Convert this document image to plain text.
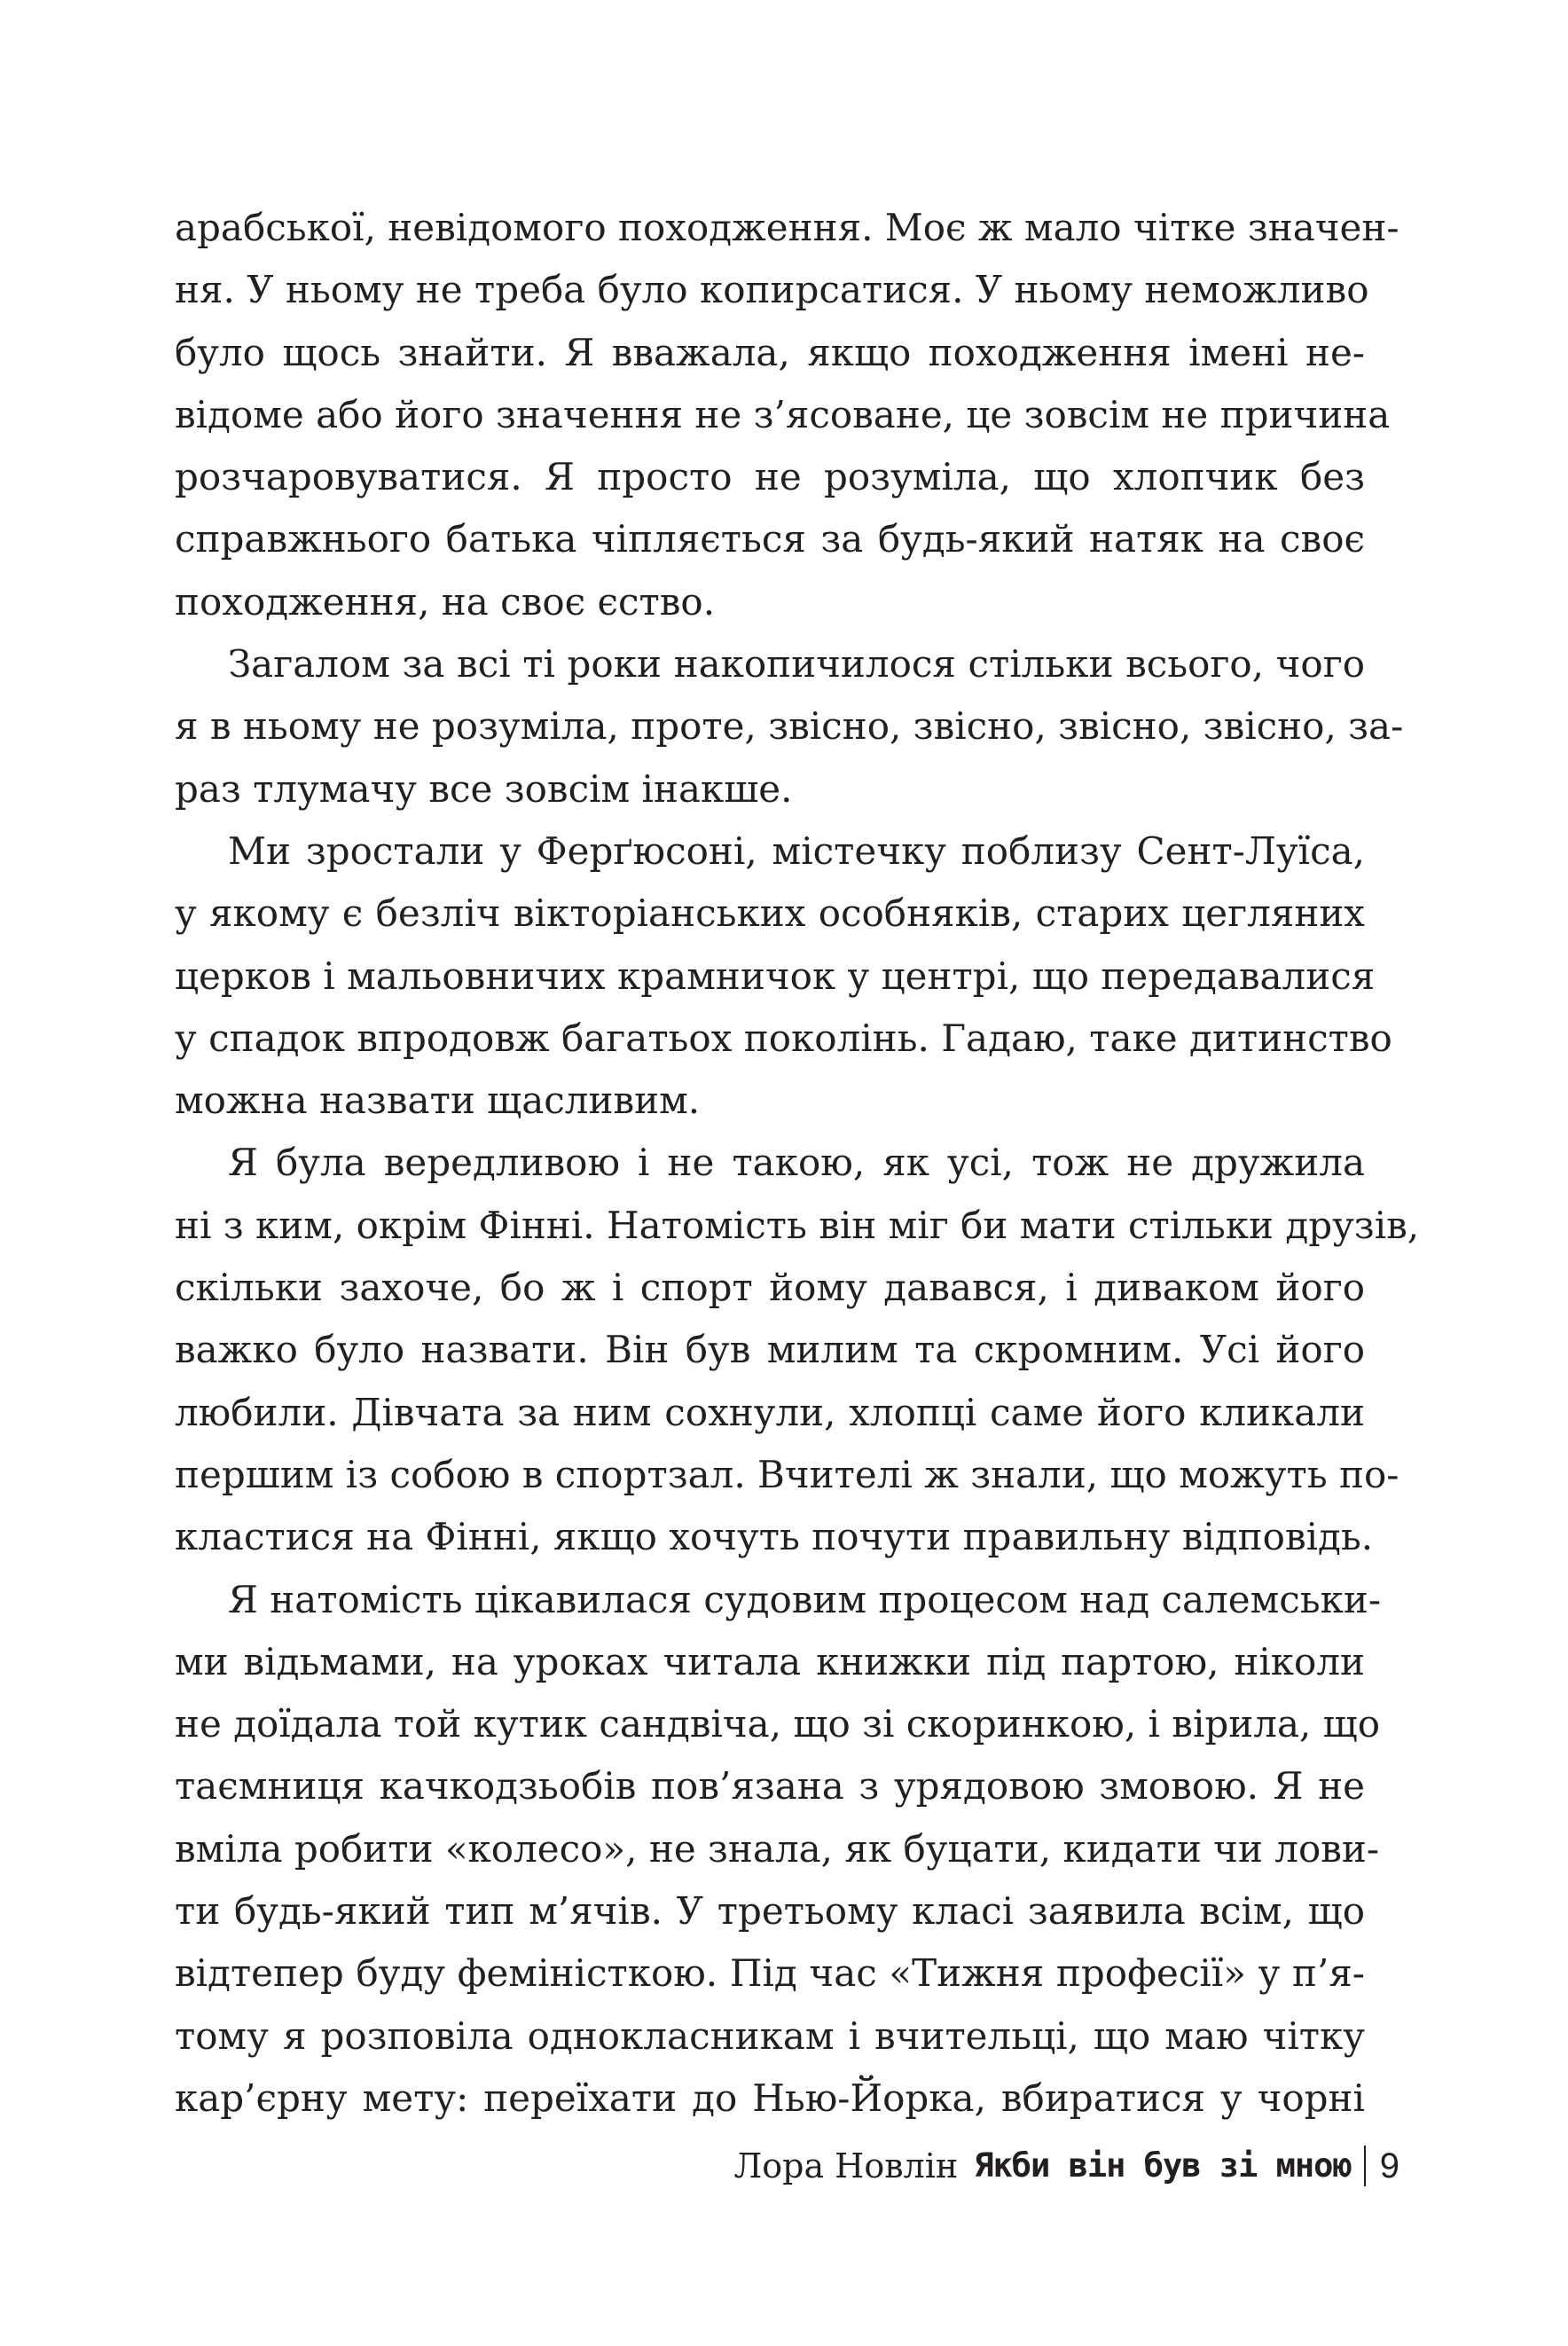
арабської, невідомого походження. Моє ж мало чітке значен-
ня. У ньому не треба було копирсатися. У ньому неможливо
було щось знайти. Я вважала, якщо походження імені не-
відоме або його значення не з’ясоване, це зовсім не причина
розчаровуватися. Я просто не розуміла, що хлопчик без
справжнього батька чіпляється за будь-який натяк на своє
походження, на своє єство.
Загалом за всі ті роки накопичилося стільки всього, чого
я в ньому не розуміла, проте, звісно, звісно, звісно, звісно, за-
раз тлумачу все зовсім інакше.
Ми зростали у Ферґюсоні, містечку поблизу Сент-Луїса,
у якому є безліч вікторіанських особняків, старих цегляних
церков і мальовничих крамничок у центрі, що передавалися
у спадок впродовж багатьох поколінь. Гадаю, таке дитинство
можна назвати щасливим.
Я була вередливою і не такою, як усі, тож не дружила
ні з ким, окрім Фінні. Натомість він міг би мати стільки друзів,
скільки захоче, бо ж і спорт йому давався, і диваком його
важко було назвати. Він був милим та скромним. Усі його
любили. Дівчата за ним сохнули, хлопці саме його кликали
першим із собою в спортзал. Вчителі ж знали, що можуть по-
кластися на Фінні, якщо хочуть почути правильну відповідь.
Я натомість цікавилася судовим процесом над салемськи-
ми відьмами, на уроках читала книжки під партою, ніколи
не доїдала той кутик сандвіча, що зі скоринкою, і вірила, що
таємниця качкодзьобів пов’язана з урядовою змовою. Я не
вміла робити «колесо», не знала, як буцати, кидати чи лови-
ти будь-який тип м’ячів. У третьому класі заявила всім, що
відтепер буду феміністкою. Під час «Тижня професії» у п’я-
тому я розповіла однокласникам і вчительці, що маю чітку
кар’єрну мету: переїхати до Нью-Йорка, вбиратися у чорні
Лора Новлін Якби він був зі мною 9
